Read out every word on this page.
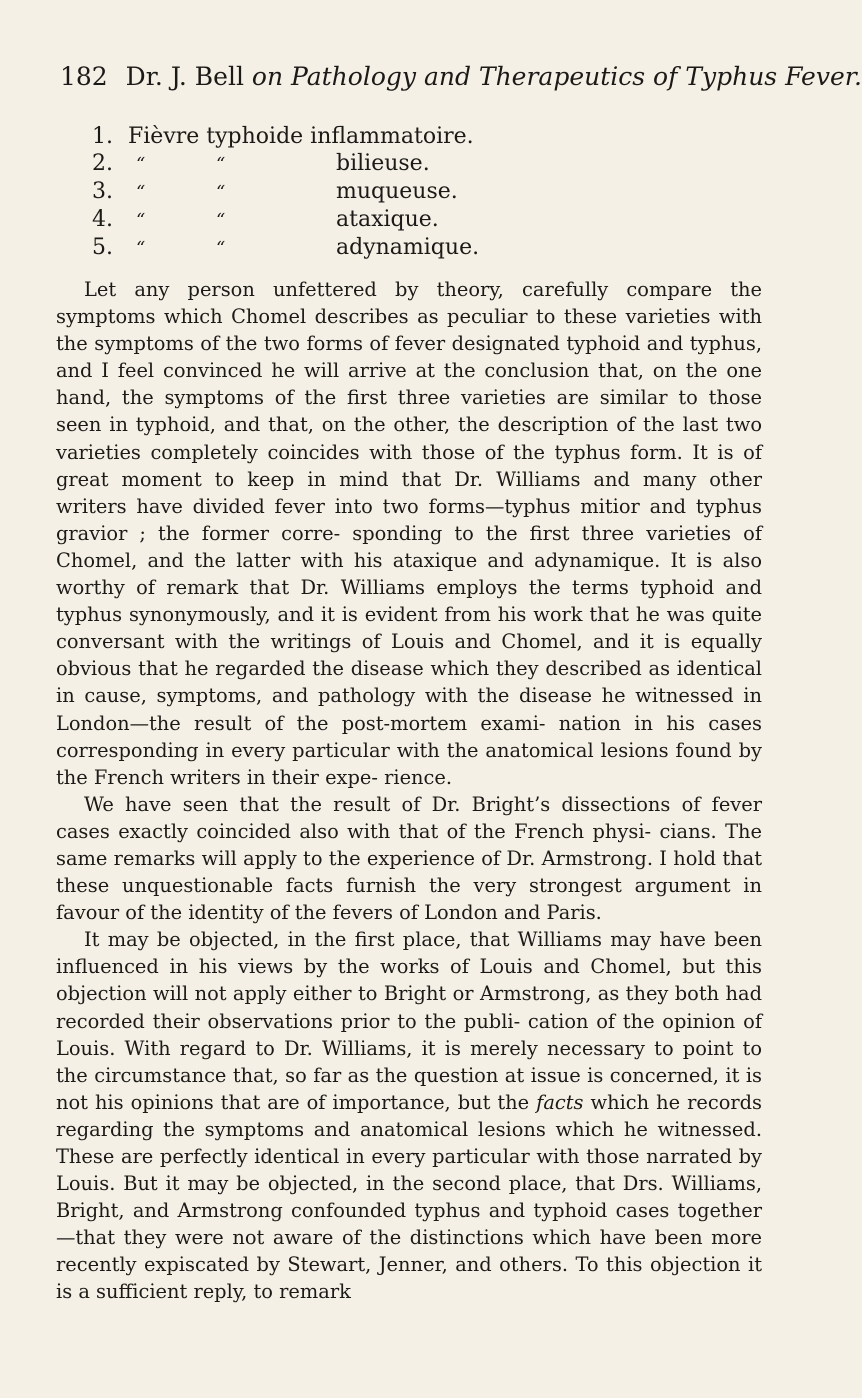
182 Dr. J. Bell on Pathology and Therapeutics of Typhus Fever.
1. Fièvre typhoide inflammatoire.
2.	“	“	bilieuse.
3.	“	“	muqueuse.
4.	“	“	ataxique.
5.	“	“	adynamique.

Let any person unfettered by theory, carefully compare the symptoms which Chomel describes as peculiar to these varieties with the symptoms of the two forms of fever designated typhoid and typhus, and I feel convinced he will arrive at the conclusion that, on the one hand, the symptoms of the first three varieties are similar to those seen in typhoid, and that, on the other, the description of the last two varieties completely coincides with those of the typhus form. It is of great moment to keep in mind that Dr. Williams and many other writers have divided fever into two forms—typhus mitior and typhus gravior ; the former corre- sponding to the first three varieties of Chomel, and the latter with his ataxique and adynamique. It is also worthy of remark that Dr. Williams employs the terms typhoid and typhus synonymously, and it is evident from his work that he was quite conversant with the writings of Louis and Chomel, and it is equally obvious that he regarded the disease which they described as identical in cause, symptoms, and pathology with the disease he witnessed in London—the result of the post-mortem exami- nation in his cases corresponding in every particular with the anatomical lesions found by the French writers in their expe- rience.

We have seen that the result of Dr. Bright’s dissections of fever cases exactly coincided also with that of the French physi- cians. The same remarks will apply to the experience of Dr. Armstrong. I hold that these unquestionable facts furnish the very strongest argument in favour of the identity of the fevers of London and Paris.

It may be objected, in the first place, that Williams may have been influenced in his views by the works of Louis and Chomel, but this objection will not apply either to Bright or Armstrong, as they both had recorded their observations prior to the publi- cation of the opinion of Louis. With regard to Dr. Williams, it is merely necessary to point to the circumstance that, so far as the question at issue is concerned, it is not his opinions that are of importance, but the facts which he records regarding the symptoms and anatomical lesions which he witnessed. These are perfectly identical in every particular with those narrated by Louis. But it may be objected, in the second place, that Drs. Williams, Bright, and Armstrong confounded typhus and typhoid cases together—that they were not aware of the distinctions which have been more recently expiscated by Stewart, Jenner, and others. To this objection it is a sufficient reply, to remark
